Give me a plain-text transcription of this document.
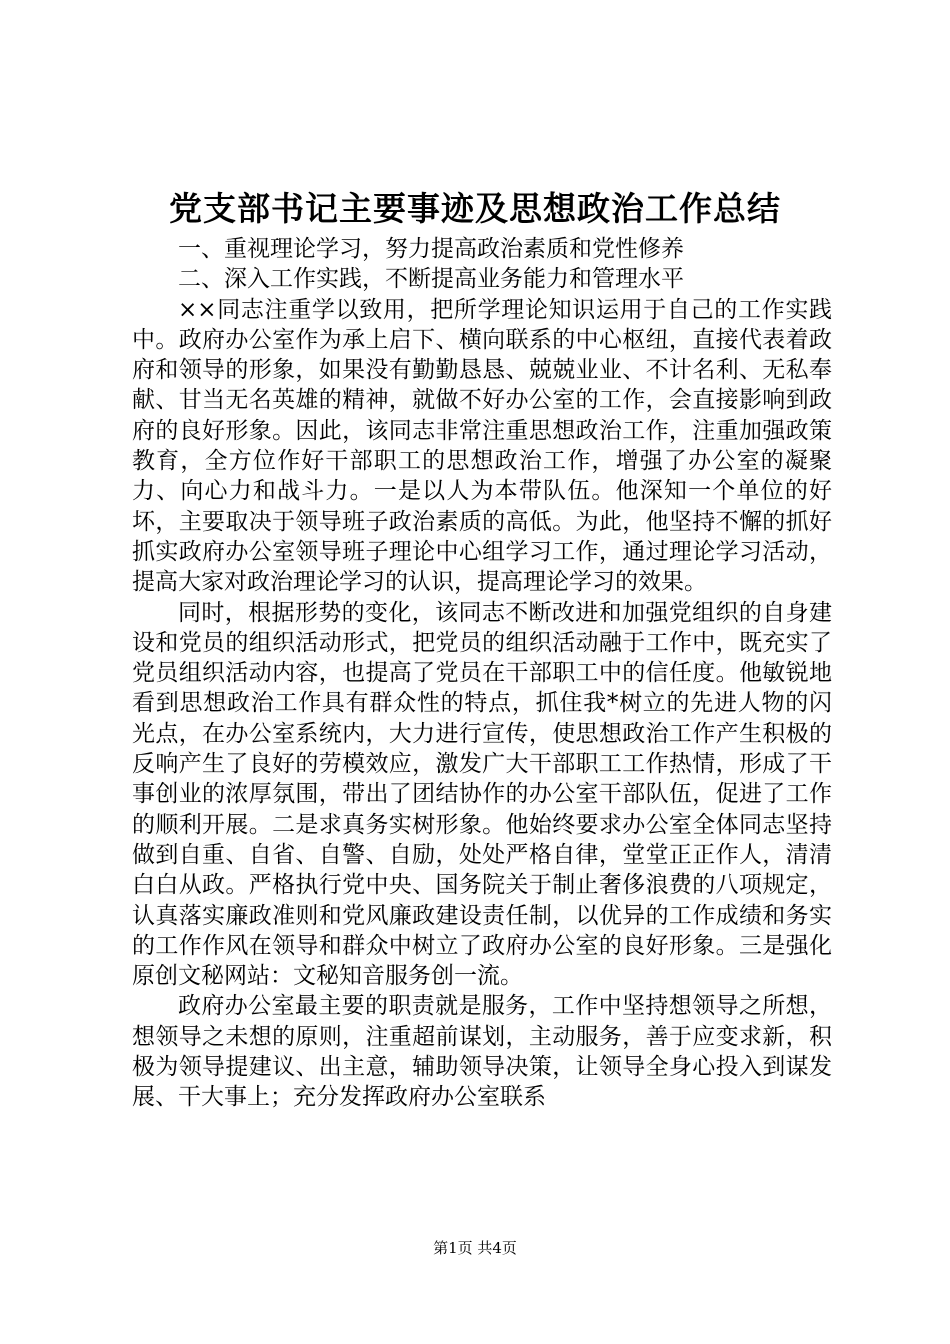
党支部书记主要事迹及思想政治工作总结

一、重视理论学习，努力提高政治素质和党性修养

二、深入工作实践，不断提高业务能力和管理水平

××同志注重学以致用，把所学理论知识运用于自己的工作实践中。政府办公室作为承上启下、横向联系的中心枢纽，直接代表着政府和领导的形象，如果没有勤勤恳恳、兢兢业业、不计名利、无私奉献、甘当无名英雄的精神，就做不好办公室的工作，会直接影响到政府的良好形象。因此，该同志非常注重思想政治工作，注重加强政策教育，全方位作好干部职工的思想政治工作，增强了办公室的凝聚力、向心力和战斗力。一是以人为本带队伍。他深知一个单位的好坏，主要取决于领导班子政治素质的高低。为此，他坚持不懈的抓好抓实政府办公室领导班子理论中心组学习工作，通过理论学习活动，提高大家对政治理论学习的认识，提高理论学习的效果。

同时，根据形势的变化，该同志不断改进和加强党组织的自身建设和党员的组织活动形式，把党员的组织活动融于工作中，既充实了党员组织活动内容，也提高了党员在干部职工中的信任度。他敏锐地看到思想政治工作具有群众性的特点，抓住我*树立的先进人物的闪光点，在办公室系统内，大力进行宣传，使思想政治工作产生积极的反响产生了良好的劳模效应，激发广大干部职工工作热情，形成了干事创业的浓厚氛围，带出了团结协作的办公室干部队伍，促进了工作的顺利开展。二是求真务实树形象。他始终要求办公室全体同志坚持做到自重、自省、自警、自励，处处严格自律，堂堂正正作人，清清白白从政。严格执行党中央、国务院关于制止奢侈浪费的八项规定，认真落实廉政准则和党风廉政建设责任制，以优异的工作成绩和务实的工作作风在领导和群众中树立了政府办公室的良好形象。三是强化原创文秘网站：文秘知音服务创一流。

政府办公室最主要的职责就是服务，工作中坚持想领导之所想，想领导之未想的原则，注重超前谋划，主动服务，善于应变求新，积极为领导提建议、出主意，辅助领导决策，让领导全身心投入到谋发展、干大事上；充分发挥政府办公室联系

第1页 共4页
